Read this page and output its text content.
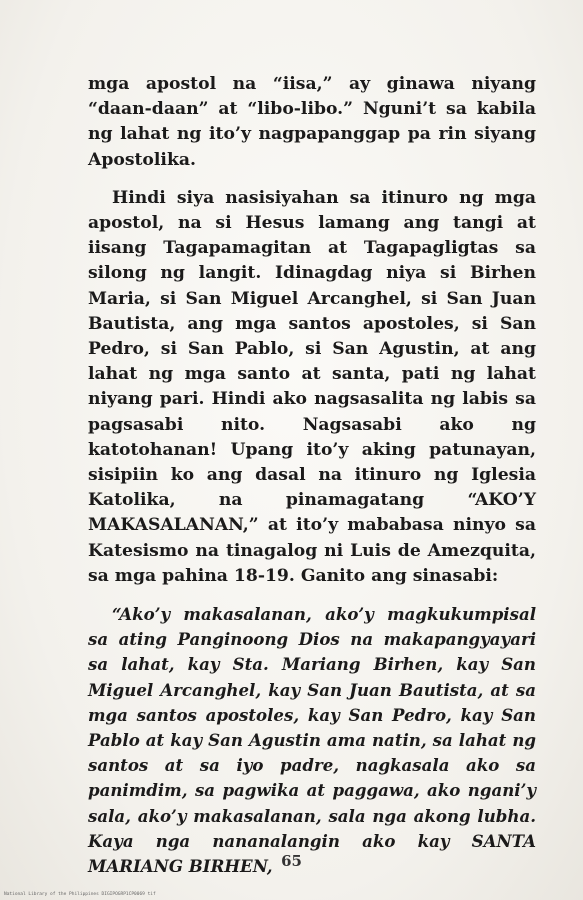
mga apostol na “iisa,” ay ginawa niyang “daan-daan” at “libo-libo.” Nguni’t sa kabila ng lahat ng ito’y nagpapanggap pa rin siyang Apostolika.

Hindi siya nasisiyahan sa itinuro ng mga apostol, na si Hesus lamang ang tangi at iisang Tagapamagitan at Tagapagligtas sa silong ng langit. Idinagdag niya si Birhen Maria, si San Miguel Arcanghel, si San Juan Bautista, ang mga santos apostoles, si San Pedro, si San Pablo, si San Agustin, at ang lahat ng mga santo at santa, pati ng lahat niyang pari. Hindi ako nagsasalita ng labis sa pagsasabi nito. Nagsasabi ako ng katotohanan! Upang ito’y aking patunayan, sisipiin ko ang dasal na itinuro ng Iglesia Katolika, na pinamagatang “AKO’Y MAKASALANAN,” at ito’y mababasa ninyo sa Katesismo na tinagalog ni Luis de Amezquita, sa mga pahina 18-19. Ganito ang sinasabi:

“Ako’y makasalanan, ako’y magkukumpisal sa ating Panginoong Dios na makapangyayari sa lahat, kay Sta. Mariang Birhen, kay San Miguel Arcanghel, kay San Juan Bautista, at sa mga santos apostoles, kay San Pedro, kay San Pablo at kay San Agustin ama natin, sa lahat ng santos at sa iyo padre, nagkasala ako sa panimdim, sa pagwika at paggawa, ako ngani’y sala, ako’y makasalanan, sala nga akong lubha. Kaya nga nananalangin ako kay SANTA MARIANG BIRHEN, 65
National Library of the Philippines DIGIPOGRP1CP0069 tif
